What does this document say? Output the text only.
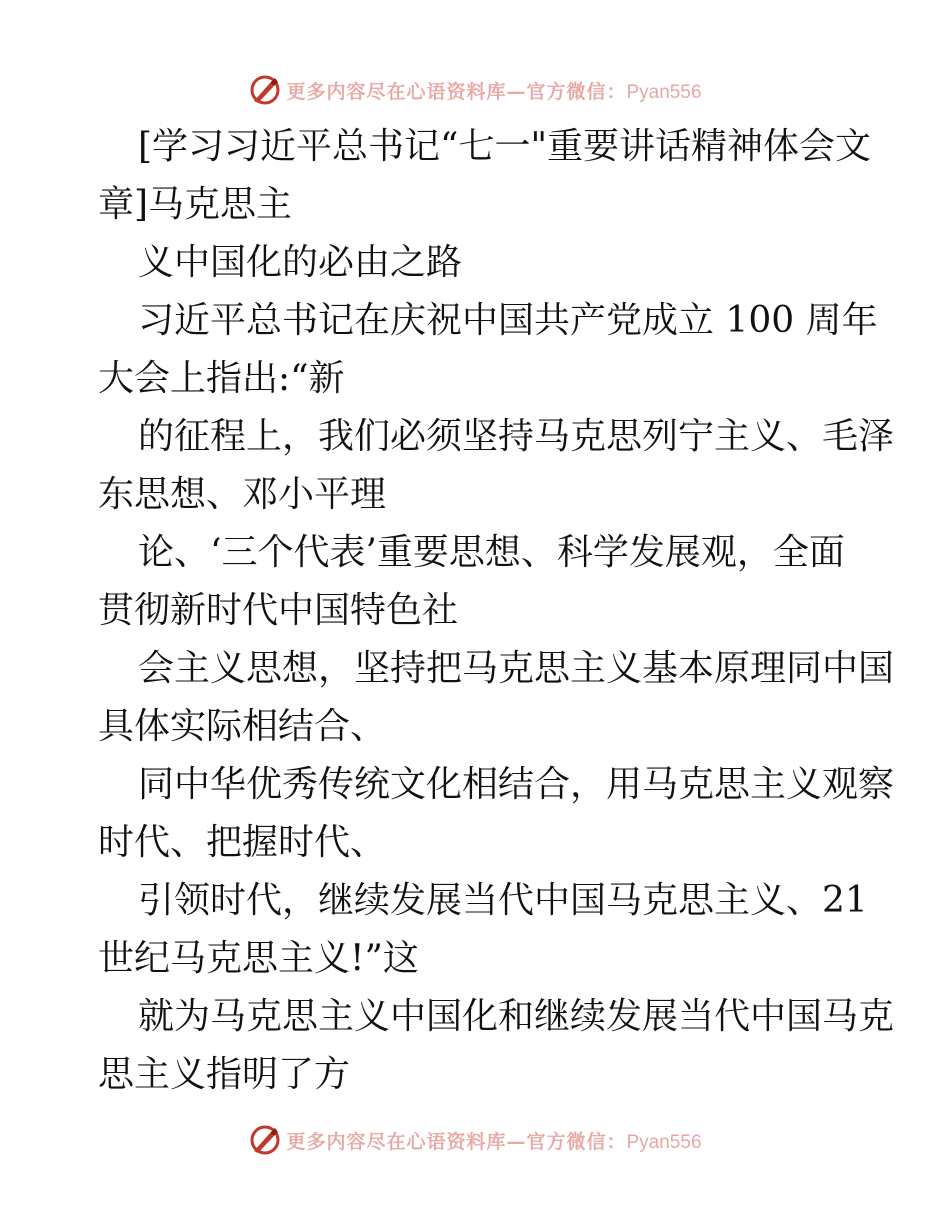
更多内容尽在心语资料库—官方微信：Pyan556

[学习习近平总书记“七一"重要讲话精神体会文

章]马克思主

义中国化的必由之路

习近平总书记在庆祝中国共产党成立 100 周年

大会上指出:“新

的征程上，我们必须坚持马克思列宁主义、毛泽

东思想、邓小平理

论、‘三个代表’重要思想、科学发展观，全面

贯彻新时代中国特色社

会主义思想，坚持把马克思主义基本原理同中国

具体实际相结合、

同中华优秀传统文化相结合，用马克思主义观察

时代、把握时代、

引领时代，继续发展当代中国马克思主义、21

世纪马克思主义!”这

就为马克思主义中国化和继续发展当代中国马克

思主义指明了方

更多内容尽在心语资料库—官方微信：Pyan556
